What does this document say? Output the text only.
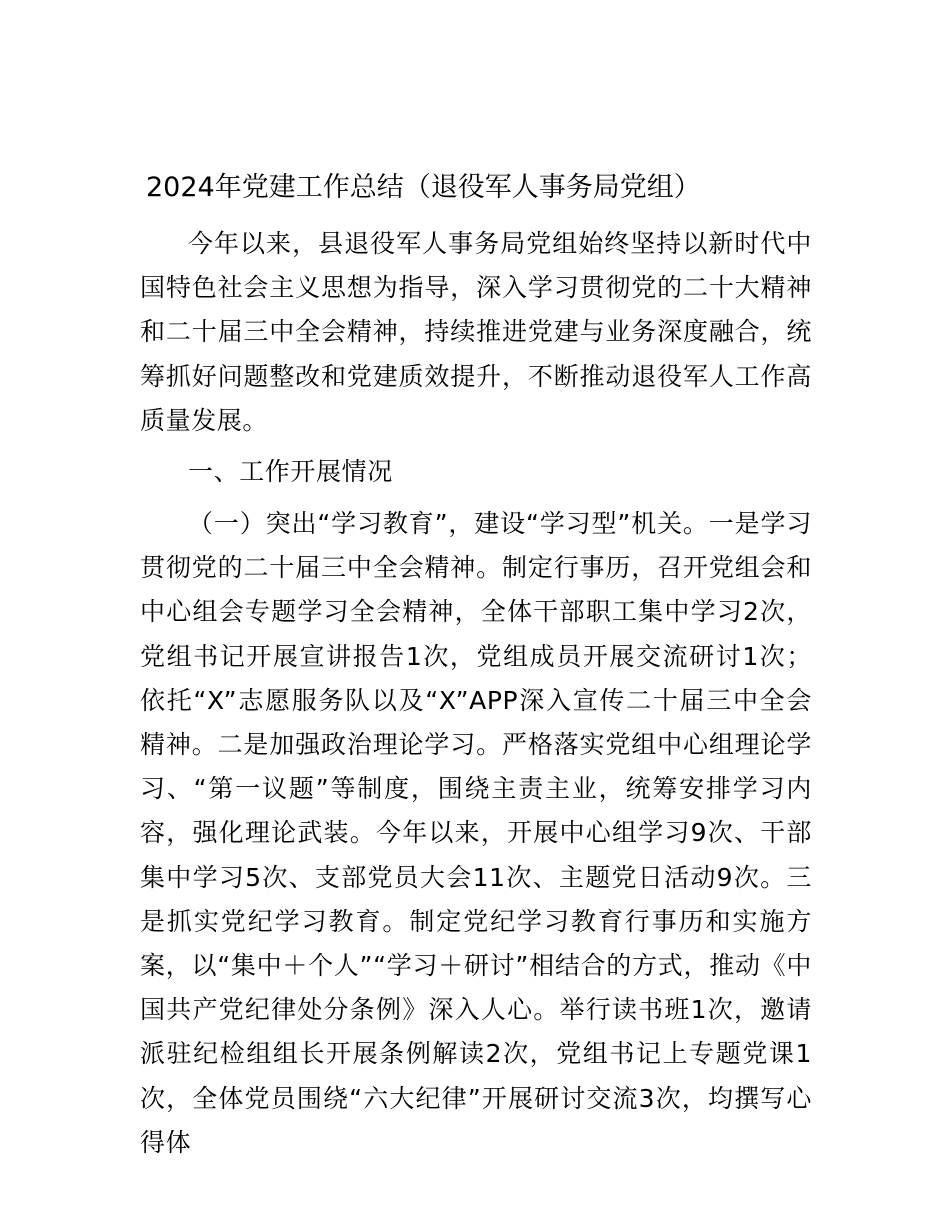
2024年党建工作总结（退役军人事务局党组）
今年以来，县退役军人事务局党组始终坚持以新时代中国特色社会主义思想为指导，深入学习贯彻党的二十大精神和二十届三中全会精神，持续推进党建与业务深度融合，统筹抓好问题整改和党建质效提升，不断推动退役军人工作高质量发展。
一、工作开展情况
（一）突出“学习教育”，建设“学习型”机关。一是学习贯彻党的二十届三中全会精神。制定行事历，召开党组会和中心组会专题学习全会精神，全体干部职工集中学习2次，党组书记开展宣讲报告1次，党组成员开展交流研讨1次；依托“X”志愿服务队以及“X”APP深入宣传二十届三中全会精神。二是加强政治理论学习。严格落实党组中心组理论学习、“第一议题”等制度，围绕主责主业，统筹安排学习内容，强化理论武装。今年以来，开展中心组学习9次、干部集中学习5次、支部党员大会11次、主题党日活动9次。三是抓实党纪学习教育。制定党纪学习教育行事历和实施方案，以“集中＋个人”“学习＋研讨”相结合的方式，推动《中国共产党纪律处分条例》深入人心。举行读书班1次，邀请派驻纪检组组长开展条例解读2次，党组书记上专题党课1次，全体党员围绕“六大纪律”开展研讨交流3次，均撰写心得体
